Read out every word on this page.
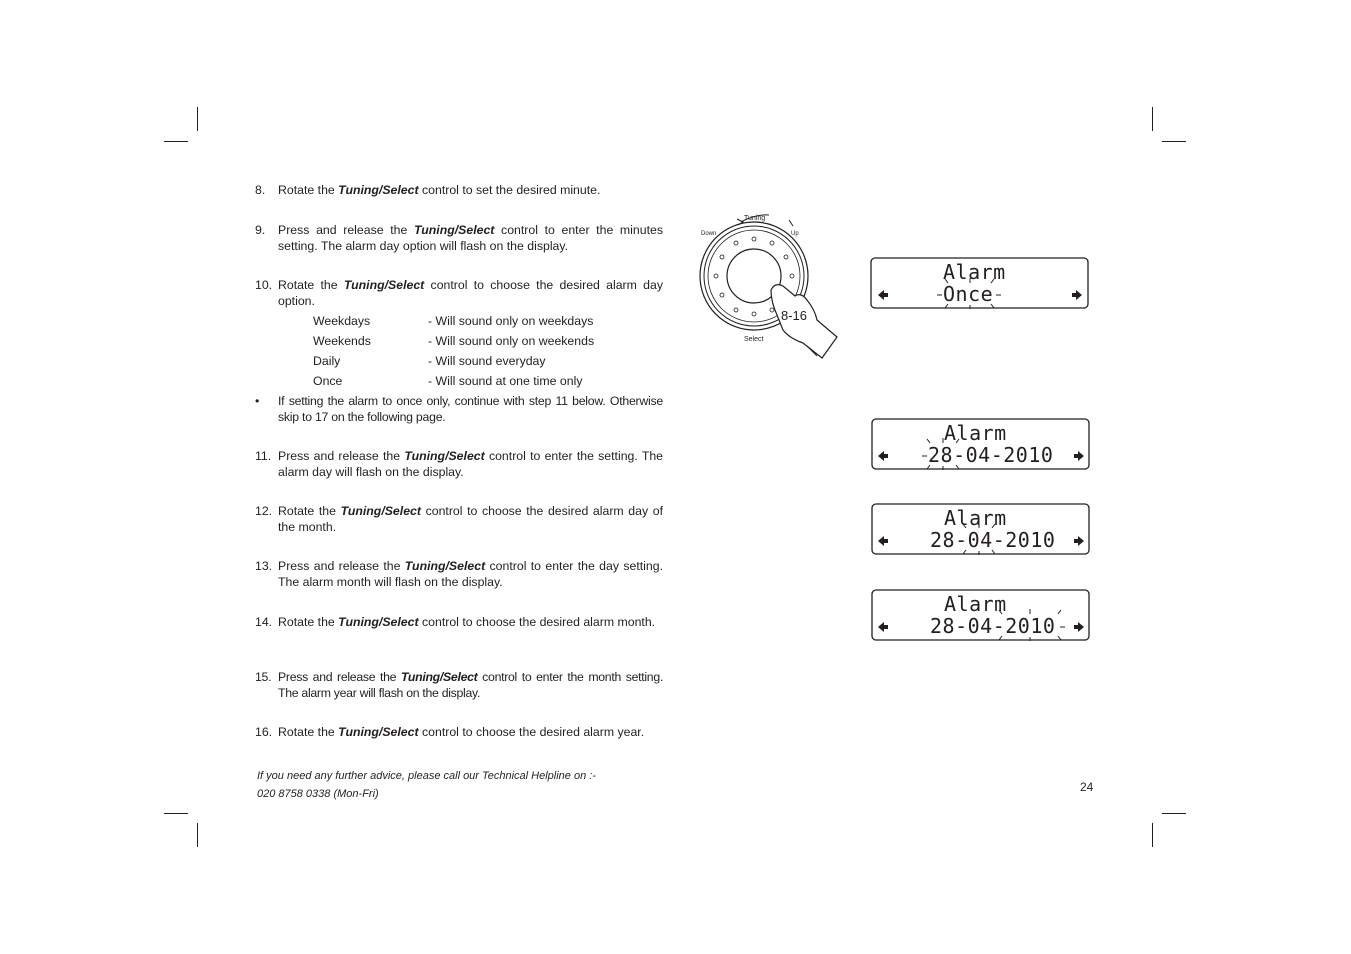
8. Rotate the Tuning/Select control to set the desired minute.
9. Press and release the Tuning/Select control to enter the minutes setting. The alarm day option will flash on the display.
10. Rotate the Tuning/Select control to choose the desired alarm day option.
Weekdays	- Will sound only on weekdays
Weekends	- Will sound only on weekends
Daily	- Will sound everyday
Once	- Will sound at one time only
• If setting the alarm to once only, continue with step 11 below. Otherwise skip to 17 on the following page.
11. Press and release the Tuning/Select control to enter the setting. The alarm day will flash on the display.
12. Rotate the Tuning/Select control to choose the desired alarm day of the month.
13. Press and release the Tuning/Select control to enter the day setting. The alarm month will flash on the display.
14. Rotate the Tuning/Select control to choose the desired alarm month.
15. Press and release the Tuning/Select control to enter the month setting. The alarm year will flash on the display.
16. Rotate the Tuning/Select control to choose the desired alarm year.
If you need any further advice, please call our Technical Helpline on :-
020 8758 0338 (Mon-Fri)	24
Tuning
Down	Up
Select
8-16
Alarm
Once
Alarm
28-04-2010
Alarm
28-04-2010
Alarm
28-04-2010
